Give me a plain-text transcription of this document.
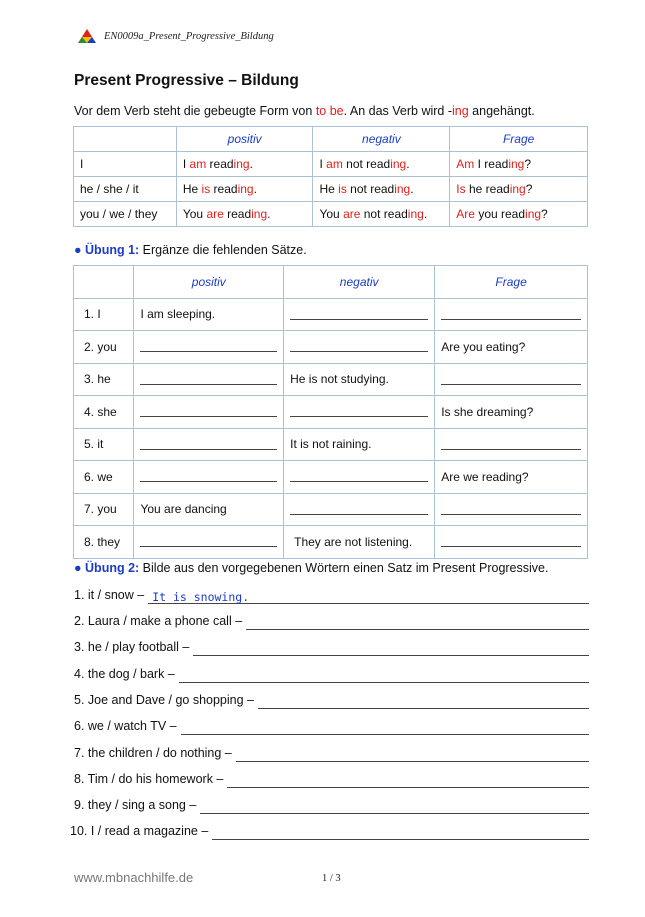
EN0009a_Present_Progressive_Bildung
Present Progressive – Bildung
Vor dem Verb steht die gebeugte Form von to be. An das Verb wird -ing angehängt.
	positiv	negativ	Frage
I	I am reading.	I am not reading.	Am I reading?
he / she / it	He is reading.	He is not reading.	Is he reading?
you / we / they	You are reading.	You are not reading.	Are you reading?
● Übung 1: Ergänze die fehlenden Sätze.
	positiv	negativ	Frage
1. I	I am sleeping.	

2. you			Are you eating?
3. he		He is not studying.	

4. she			Is she dreaming?
5. it		It is not raining.	

6. we			Are we reading?
7. you	You are dancing	

8. they		They are not listening.	
● Übung 2: Bilde aus den vorgegebenen Wörtern einen Satz im Present Progressive.
1. it / snow – It is snowing.
2. Laura / make a phone call –
3. he / play football –
4. the dog / bark –
5. Joe and Dave / go shopping –
6. we / watch TV –
7. the children / do nothing –
8. Tim / do his homework –
9. they / sing a song –
10. I / read a magazine –
www.mbnachhilfe.de	1 / 3
